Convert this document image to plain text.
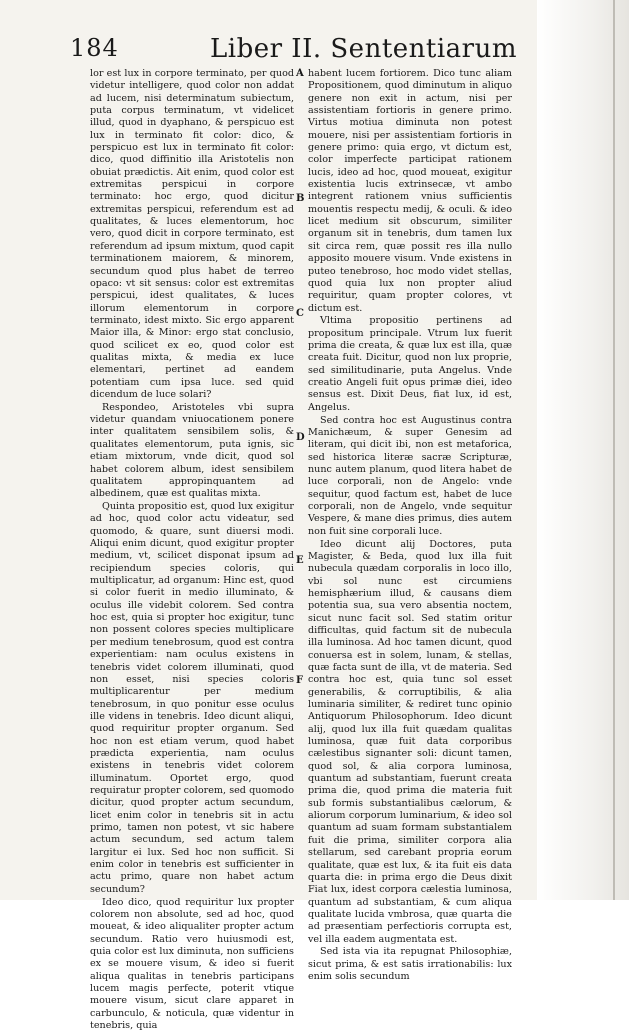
184	Liber II. Sententiarum

lor est lux in corpore terminato, per quod videtur intelligere, quod color non addat ad lucem, nisi determinatum subiectum, puta corpus terminatum, vt videlicet illud, quod in dyaphano, & perspicuo est lux in terminato fit color: dico, & perspicuo est lux in terminato fit color: dico, quod diffinitio illa Aristotelis non obuiat prædictis. Ait enim, quod color est extremitas perspicui in corpore terminato: hoc ergo, quod dicitur extremitas perspicui, referendum est ad qualitates, & luces elementorum, hoc vero, quod dicit in corpore terminato, est referendum ad ipsum mixtum, quod capit terminationem maiorem, & minorem, secundum quod plus habet de terreo opaco: vt sit sensus: color est extremitas perspicui, idest qualitates, & luces illorum elementorum in corpore terminato, idest mixto. Sic ergo apparent Maior illa, & Minor: ergo stat conclusio, quod scilicet ex eo, quod color est qualitas mixta, & media ex luce elementari, pertinet ad eandem potentiam cum ipsa luce. sed quid dicendum de luce solari?

Respondeo, Aristoteles vbi supra videtur quandam vniuocationem ponere inter qualitatem sensibilem solis, & qualitates elementorum, puta ignis, sic etiam mixtorum, vnde dicit, quod sol habet colorem album, idest sensibilem qualitatem appropinquantem ad albedinem, quæ est qualitas mixta.

Quinta propositio est, quod lux exigitur ad hoc, quod color actu videatur, sed quomodo, & quare, sunt diuersi modi. Aliqui enim dicunt, quod exigitur propter medium, vt, scilicet disponat ipsum ad recipiendum species coloris, qui multiplicatur, ad organum: Hinc est, quod si color fuerit in medio illuminato, & oculus ille videbit colorem. Sed contra hoc est, quia si propter hoc exigitur, tunc non possent colores species multiplicare per medium tenebrosum, quod est contra experientiam: nam oculus existens in tenebris videt colorem illuminati, quod non esset, nisi species coloris multiplicarentur per medium tenebrosum, in quo ponitur esse oculus ille videns in tenebris. Ideo dicunt aliqui, quod requiritur propter organum. Sed hoc non est etiam verum, quod habet prædicta experientia, nam oculus existens in tenebris videt colorem illuminatum. Oportet ergo, quod requiratur propter colorem, sed quomodo dicitur, quod propter actum secundum, licet enim color in tenebris sit in actu primo, tamen non potest, vt sic habere actum secundum, sed actum talem largitur ei lux. Sed hoc non sufficit. Si enim color in tenebris est sufficienter in actu primo, quare non habet actum secundum?

Ideo dico, quod requiritur lux propter colorem non absolute, sed ad hoc, quod moueat, & ideo aliqualiter propter actum secundum. Ratio vero huiusmodi est, quia color est lux diminuta, non sufficiens ex se mouere visum, & ideo si fuerit aliqua qualitas in tenebris participans lucem magis perfecte, poterit vtique mouere visum, sicut clare apparet in carbunculo, & noticula, quæ videntur in tenebris, quia

habent lucem fortiorem. Dico tunc aliam Propositionem, quod diminutum in aliquo genere non exit in actum, nisi per assistentiam fortioris in genere primo. Virtus motiua diminuta non potest mouere, nisi per assistentiam fortioris in genere primo: quia ergo, vt dictum est, color imperfecte participat rationem lucis, ideo ad hoc, quod moueat, exigitur existentia lucis extrinsecæ, vt ambo integrent rationem vnius sufficientis mouentis respectu medij, & oculi. & ideo licet medium sit obscurum, similiter organum sit in tenebris, dum tamen lux sit circa rem, quæ possit res illa nullo apposito mouere visum. Vnde existens in puteo tenebroso, hoc modo videt stellas, quod quia lux non propter aliud requiritur, quam propter colores, vt dictum est.

Vltima propositio pertinens ad propositum principale. Vtrum lux fuerit prima die creata, & quæ lux est illa, quæ creata fuit. Dicitur, quod non lux proprie, sed similitudinarie, puta Angelus. Vnde creatio Angeli fuit opus primæ diei, ideo sensus est. Dixit Deus, fiat lux, id est, Angelus.

Sed contra hoc est Augustinus contra Manichæum, & super Genesim ad literam, qui dicit ibi, non est metaforica, sed historica literæ sacræ Scripturæ, nunc autem planum, quod litera habet de luce corporali, non de Angelo: vnde sequitur, quod factum est, habet de luce corporali, non de Angelo, vnde sequitur Vespere, & mane dies primus, dies autem non fuit sine corporali luce.

Ideo dicunt alij Doctores, puta Magister, & Beda, quod lux illa fuit nubecula quædam corporalis in loco illo, vbi sol nunc est circumiens hemisphærium illud, & causans diem potentia sua, sua vero absentia noctem, sicut nunc facit sol. Sed statim oritur difficultas, quid factum sit de nubecula illa luminosa. Ad hoc tamen dicunt, quod conuersa est in solem, lunam, & stellas, quæ facta sunt de illa, vt de materia. Sed contra hoc est, quia tunc sol esset generabilis, & corruptibilis, & alia luminaria similiter, & rediret tunc opinio Antiquorum Philosophorum. Ideo dicunt alij, quod lux illa fuit quædam qualitas luminosa, quæ fuit data corporibus cælestibus signanter soli: dicunt tamen, quod sol, & alia corpora luminosa, quantum ad substantiam, fuerunt creata prima die, quod prima die materia fuit sub formis substantialibus cælorum, & aliorum corporum luminarium, & ideo sol quantum ad suam formam substantialem fuit die prima, similiter corpora alia stellarum, sed carebant propria eorum qualitate, quæ est lux, & ita fuit eis data quarta die: in prima ergo die Deus dixit Fiat lux, idest corpora cælestia luminosa, quantum ad substantiam, & cum aliqua qualitate lucida vmbrosa, quæ quarta die ad præsentiam perfectioris corrupta est, vel illa eadem augmentata est.

Sed ista via ita repugnat Philosophiæ, sicut prima, & est satis irrationabilis: lux enim solis secundum

A
B
C
D
E
F
